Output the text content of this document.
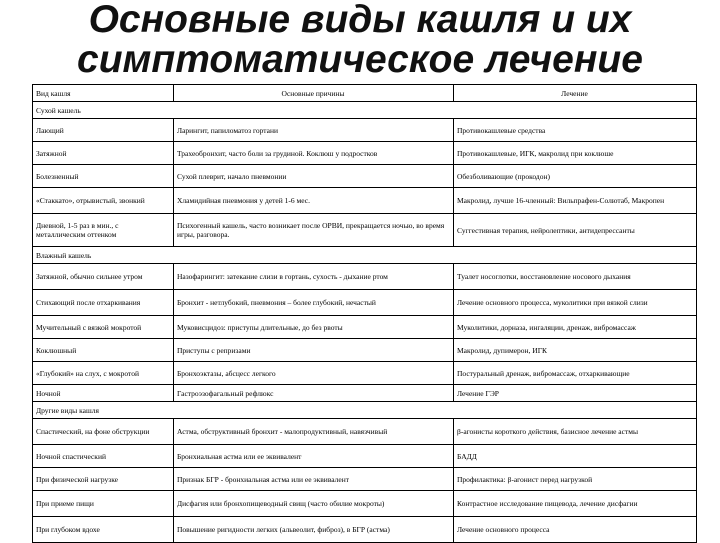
Основные виды кашля и их
симптоматическое лечение
Вид кашля	Основные причины	Лечение
Сухой кашель		
Лающий	Ларингит, папиломатоз гортани	Противокашлевые средства
Затяжной	Трахеобронхит, часто боли за грудиной. Коклюш у подростков	Противокашлевые, ИГК, макролид при коклюше
Болезненный	Сухой плеврит, начало пневмонии	Обезболивающие (прокодон)
«Стаккато», отрывистый, звонкий	Хламидийная пневмония у детей 1-6 мес.	Макролид, лучше 16-членный: Вильпрафен-Солютаб, Макропен
Дневной, 1-5 раз в мин., с металлическим оттенком	Психогенный кашель, часто возникает после ОРВИ, прекращается ночью, во время игры, разговора.	Суггестивная терапия, нейролептики, антидепрессанты
Влажный кашель		
Затяжной, обычно сильнее утром	Назофарингит: затекание слизи в гортань, сухость - дыхание ртом	Туалет носоглотки, восстановление носового дыхания
Стихающий после отхаркивания	Бронхит - нетлубокий, пневмония – более глубокий, нечастый	Лечение основного процесса, муколитики при вязкой слизи
Мучительный с вязкой мокротой	Муковисцидоз: приступы длительные, до без рвоты	Муколитики, дорназа, ингаляции, дренаж, вибромассаж
Коклюшный	Приступы с репризами	Макролид, дупимерон, ИГК
«Глубокий» на слух, с мокротой	Бронхоэктазы, абсцесс легкого	Постуральный дренаж, вибромассаж, отхаркивающие
Ночной	Гастроэзофагальный рефлюкс	Лечение ГЭР
Другие виды кашля		
Спастический, на фоне обструкции	Астма, обструктивный бронхит - малопродуктивный, навязчивый	β-агонисты короткого действия, базисное лечение астмы
Ночной спастический	Бронхиальная астма или ее эквивалент	БАДД
При физической нагрузке	Признак БГР - бронхиальная астма или ее эквивалент	Профилактика: β-агонист перед нагрузкой
При приеме пищи	Дисфагия или бронхопищеводный свищ (часто обилие мокроты)	Контрастное исследование пищевода, лечение дисфагии
При глубоком вдохе	Повышение ригидности легких (альвеолит, фиброз), в БГР (астма)	Лечение основного процесса
